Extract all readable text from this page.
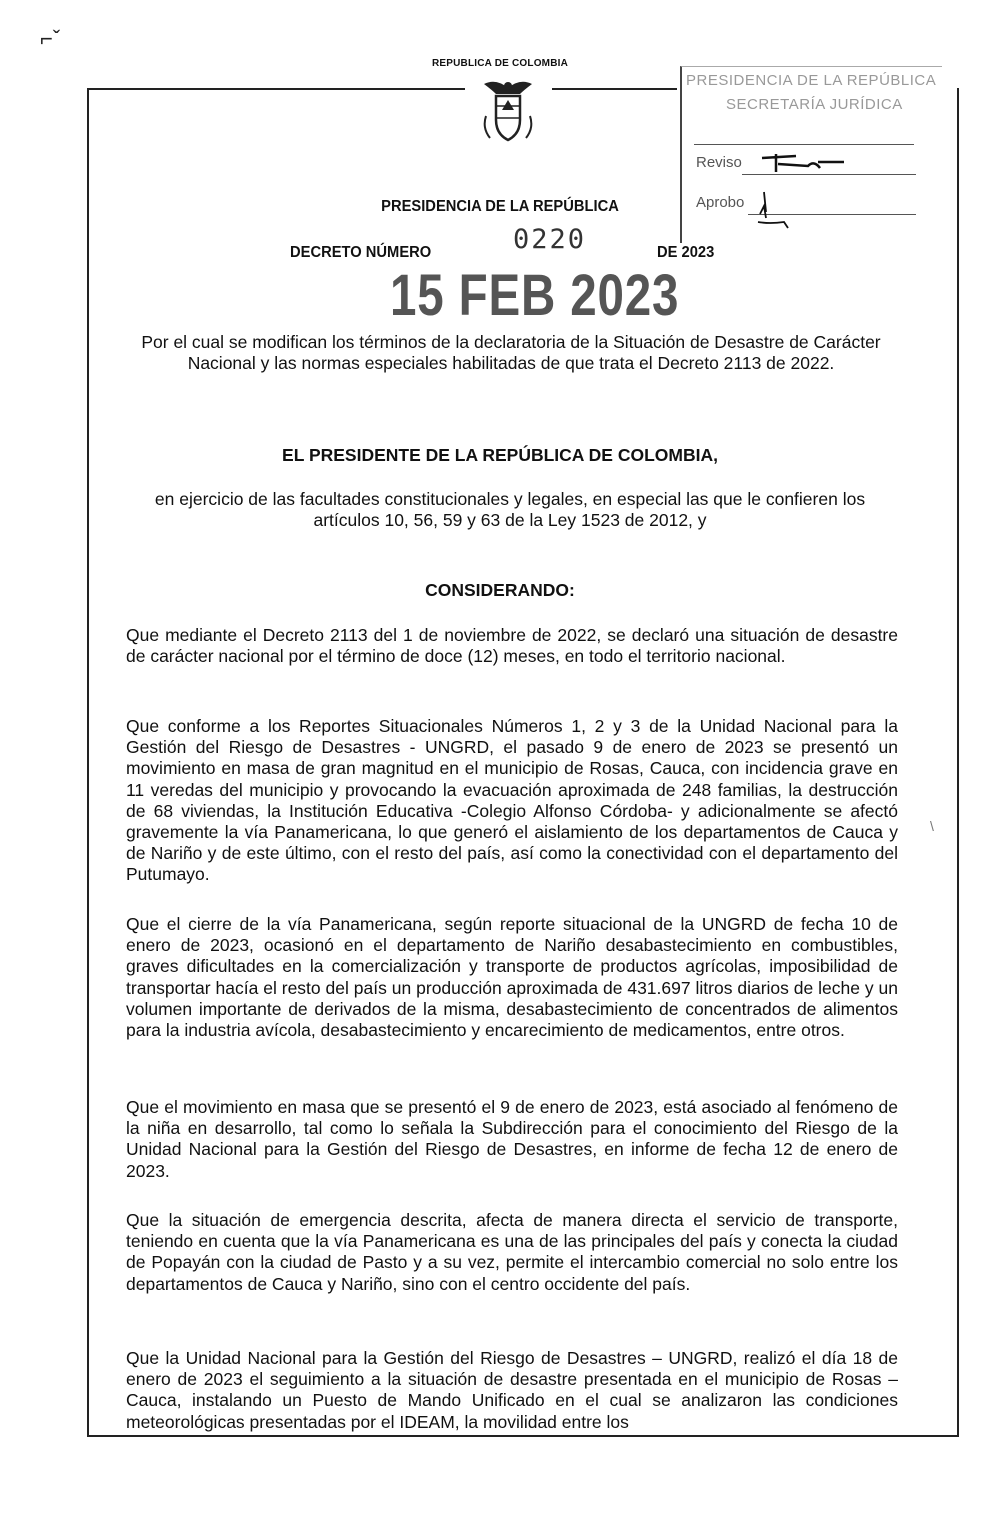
⌐ˇ
REPUBLICA DE COLOMBIA
PRESIDENCIA DE LA REPÚBLICA
SECRETARÍA JURÍDICA
Reviso
Aprobo
PRESIDENCIA DE LA REPÚBLICA
DECRETO NÚMERO	0220	DE 2023
15 FEB 2023
Por el cual se modifican los términos de la declaratoria de la Situación de Desastre de Carácter Nacional y las normas especiales habilitadas de que trata el Decreto 2113 de 2022.
EL PRESIDENTE DE LA REPÚBLICA DE COLOMBIA,
en ejercicio de las facultades constitucionales y legales, en especial las que le confieren los artículos 10, 56, 59 y 63 de la Ley 1523 de 2012, y
CONSIDERANDO:

Que mediante el Decreto 2113 del 1 de noviembre de 2022, se declaró una situación de desastre de carácter nacional por el término de doce (12) meses, en todo el territorio nacional.

Que conforme a los Reportes Situacionales Números 1, 2 y 3 de la Unidad Nacional para la Gestión del Riesgo de Desastres - UNGRD, el pasado 9 de enero de 2023 se presentó un movimiento en masa de gran magnitud en el municipio de Rosas, Cauca, con incidencia grave en 11 veredas del municipio y provocando la evacuación aproximada de 248 familias, la destrucción de 68 viviendas, la Institución Educativa -Colegio Alfonso Córdoba- y adicionalmente se afectó gravemente la vía Panamericana, lo que generó el aislamiento de los departamentos de Cauca y de Nariño y de este último, con el resto del país, así como la conectividad con el departamento del Putumayo.

Que el cierre de la vía Panamericana, según reporte situacional de la UNGRD de fecha 10 de enero de 2023, ocasionó en el departamento de Nariño desabastecimiento en combustibles, graves dificultades en la comercialización y transporte de productos agrícolas, imposibilidad de transportar hacía el resto del país un producción aproximada de 431.697 litros diarios de leche y un volumen importante de derivados de la misma, desabastecimiento de concentrados de alimentos para la industria avícola, desabastecimiento y encarecimiento de medicamentos, entre otros.

Que el movimiento en masa que se presentó el 9 de enero de 2023, está asociado al fenómeno de la niña en desarrollo, tal como lo señala la Subdirección para el conocimiento del Riesgo de la Unidad Nacional para la Gestión del Riesgo de Desastres, en informe de fecha 12 de enero de 2023.

Que la situación de emergencia descrita, afecta de manera directa el servicio de transporte, teniendo en cuenta que la vía Panamericana es una de las principales del país y conecta la ciudad de Popayán con la ciudad de Pasto y a su vez, permite el intercambio comercial no solo entre los departamentos de Cauca y Nariño, sino con el centro occidente del país.

Que la Unidad Nacional para la Gestión del Riesgo de Desastres – UNGRD, realizó el día 18 de enero de 2023 el seguimiento a la situación de desastre presentada en el municipio de Rosas – Cauca, instalando un Puesto de Mando Unificado en el cual se analizaron las condiciones meteorológicas presentadas por el IDEAM, la movilidad entre los

\
